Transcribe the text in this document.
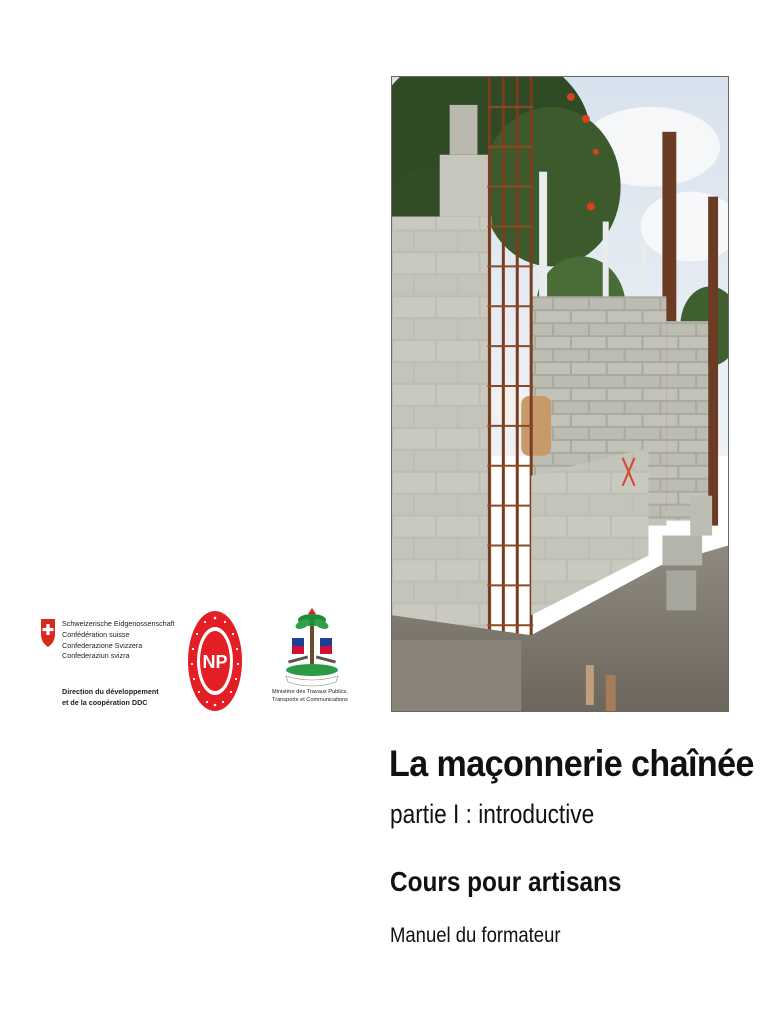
Schweizerische Eidgenossenschaft
Confédération suisse
Confederazione Svizzera
Confederaziun svizra
Direction du développement
et de la coopération DDC
NP
Ministère des Travaux Publics,
Transports et Communications
La maçonnerie chaînée
partie I : introductive
Cours pour artisans
Manuel du formateur
